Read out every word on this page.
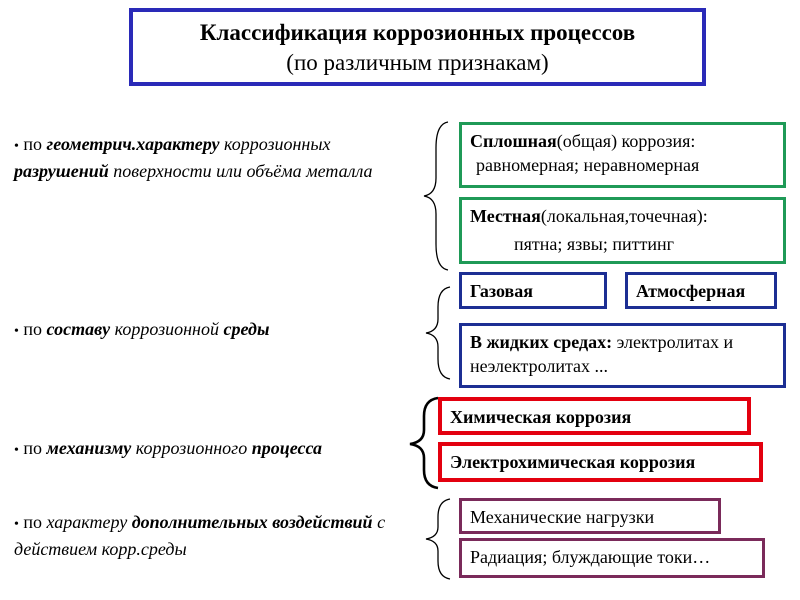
Классификация коррозионных процессов
(по различным признакам)
• по геометрич.характеру коррозионных разрушений поверхности или объёма металла
• по составу коррозионной среды
• по механизму коррозионного процесса
• по характеру дополнительных воздействий с действием корр.среды
Сплошная(общая) коррозия:
равномерная; неравномерная
Местная(локальная,точечная):
пятна; язвы; питтинг
Газовая	Атмосферная
В жидких средах: электролитах и неэлектролитах ...
Химическая коррозия
Электрохимическая коррозия
Механические нагрузки
Радиация; блуждающие токи…
